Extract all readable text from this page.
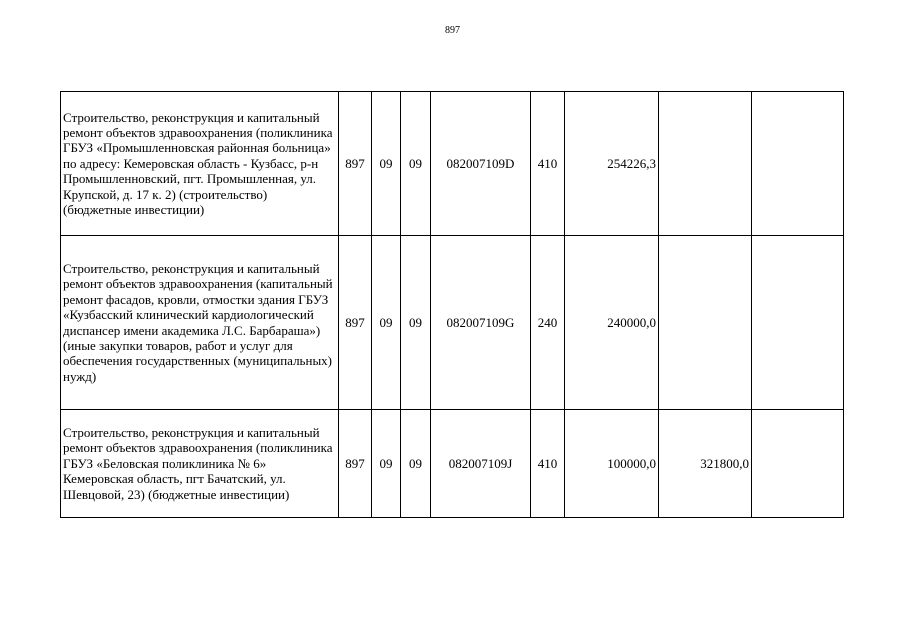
897
Строительство, реконструкция и капитальный ремонт объектов здравоохранения (поликлиника ГБУЗ «Промышленновская районная больница» по адресу: Кемеровская область - Кузбасс, р-н Промышленновский, пгт. Промышленная, ул. Крупской, д. 17 к. 2) (строительство) (бюджетные инвестиции)	897	09	09	082007109D	410	254226,3		
Строительство, реконструкция и капитальный ремонт объектов здравоохранения (капитальный ремонт фасадов, кровли, отмостки здания ГБУЗ «Кузбасский клинический кардиологический диспансер имени академика Л.С. Барбараша») (иные закупки товаров, работ и услуг для обеспечения государственных (муниципальных) нужд)	897	09	09	082007109G	240	240000,0		
Строительство, реконструкция и капитальный ремонт объектов здравоохранения (поликлиника ГБУЗ «Беловская поликлиника № 6» Кемеровская область, пгт Бачатский, ул. Шевцовой, 23) (бюджетные инвестиции)	897	09	09	082007109J	410	100000,0	321800,0	
